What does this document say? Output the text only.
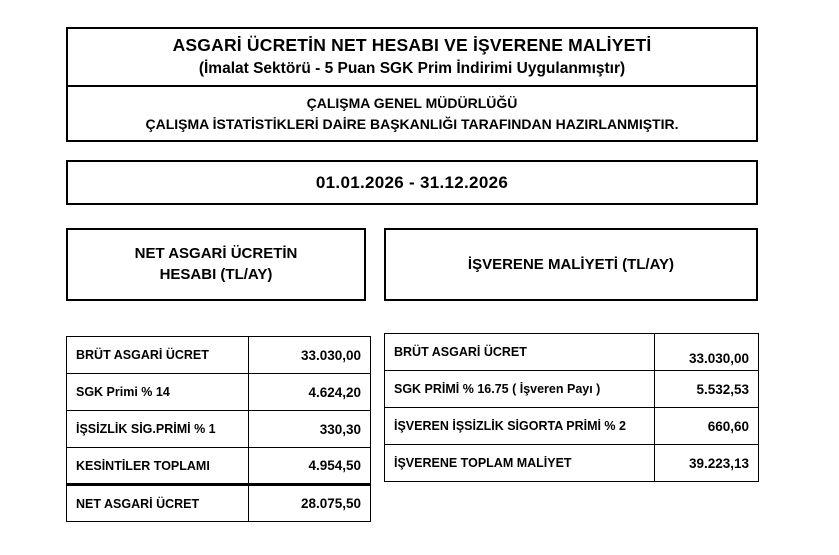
ASGARİ ÜCRETİN NET HESABI VE İŞVERENE MALİYETİ
(İmalat Sektörü - 5 Puan SGK Prim İndirimi Uygulanmıştır)
ÇALIŞMA GENEL MÜDÜRLÜĞÜ
ÇALIŞMA İSTATİSTİKLERİ DAİRE BAŞKANLIĞI TARAFINDAN HAZIRLANMIŞTIR.
01.01.2026 - 31.12.2026
NET ASGARİ ÜCRETİN
HESABI (TL/AY)
İŞVERENE MALİYETİ (TL/AY)
BRÜT ASGARİ ÜCRET	33.030,00
SGK Primi % 14	4.624,20
İŞSİZLİK SİG.PRİMİ % 1	330,30
KESİNTİLER TOPLAMI	4.954,50
NET ASGARİ ÜCRET	28.075,50
BRÜT ASGARİ ÜCRET	33.030,00
SGK PRİMİ % 16.75 ( İşveren Payı )	5.532,53
İŞVEREN İŞSİZLİK SİGORTA PRİMİ % 2	660,60
İŞVERENE TOPLAM MALİYET	39.223,13
